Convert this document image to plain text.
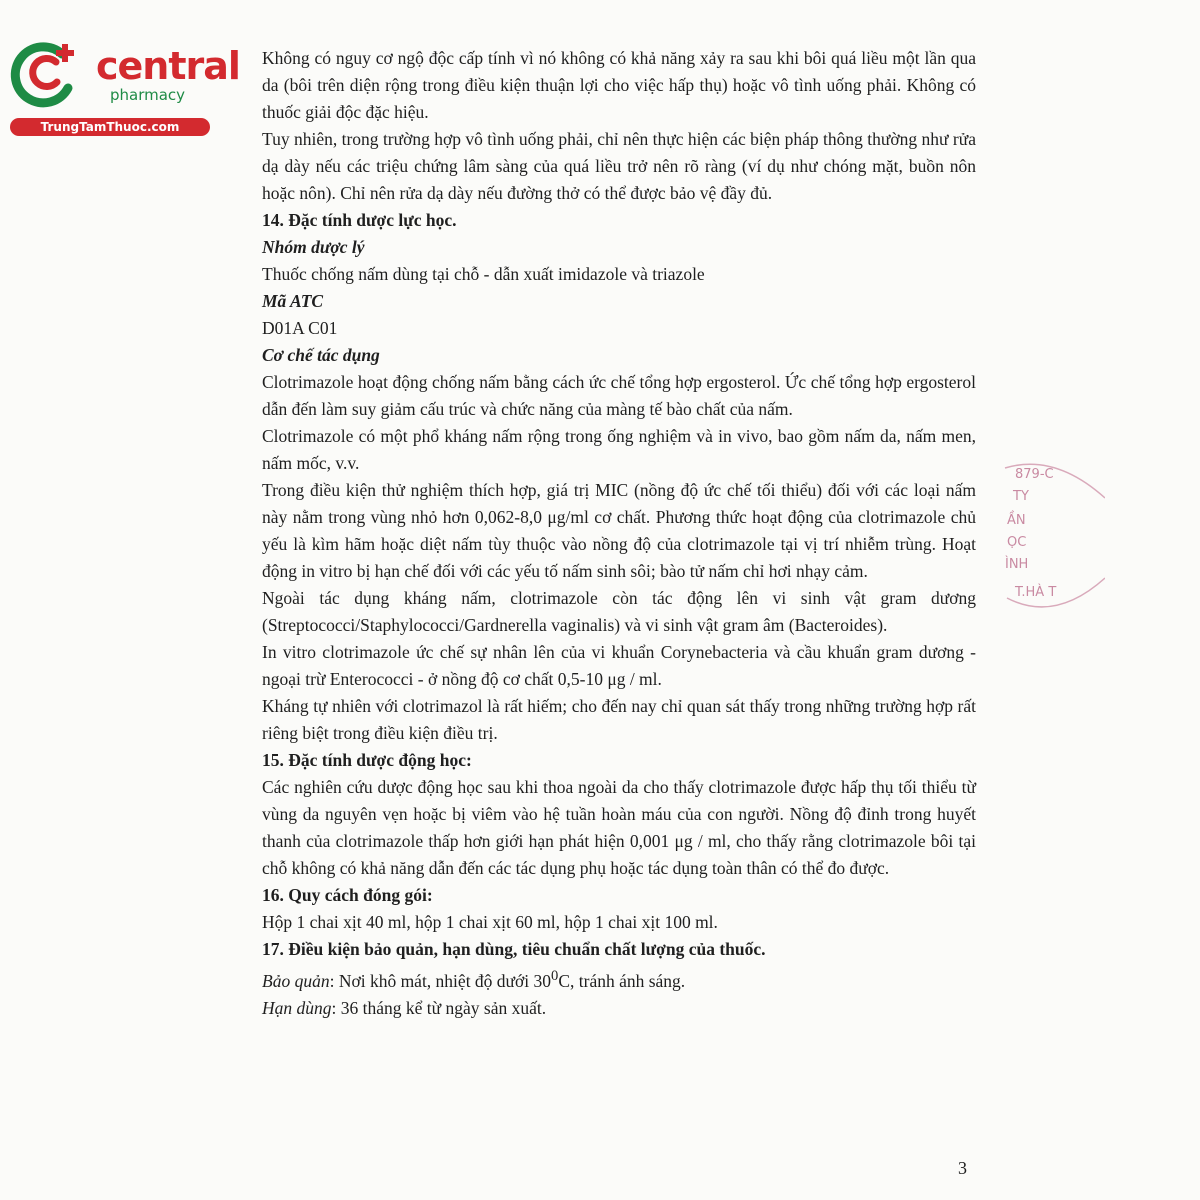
central
pharmacy
TrungTamThuoc.com

Không có nguy cơ ngộ độc cấp tính vì nó không có khả năng xảy ra sau khi bôi quá liều một lần qua da (bôi trên diện rộng trong điều kiện thuận lợi cho việc hấp thụ) hoặc vô tình uống phải. Không có thuốc giải độc đặc hiệu.

Tuy nhiên, trong trường hợp vô tình uống phải, chỉ nên thực hiện các biện pháp thông thường như rửa dạ dày nếu các triệu chứng lâm sàng của quá liều trở nên rõ ràng (ví dụ như chóng mặt, buồn nôn hoặc nôn). Chỉ nên rửa dạ dày nếu đường thở có thể được bảo vệ đầy đủ.

14. Đặc tính dược lực học.

Nhóm dược lý

Thuốc chống nấm dùng tại chỗ - dẫn xuất imidazole và triazole

Mã ATC

D01A C01

Cơ chế tác dụng

Clotrimazole hoạt động chống nấm bằng cách ức chế tổng hợp ergosterol. Ức chế tổng hợp ergosterol dẫn đến làm suy giảm cấu trúc và chức năng của màng tế bào chất của nấm.

Clotrimazole có một phổ kháng nấm rộng trong ống nghiệm và in vivo, bao gồm nấm da, nấm men, nấm mốc, v.v.

Trong điều kiện thử nghiệm thích hợp, giá trị MIC (nồng độ ức chế tối thiểu) đối với các loại nấm này nằm trong vùng nhỏ hơn 0,062-8,0 μg/ml cơ chất. Phương thức hoạt động của clotrimazole chủ yếu là kìm hãm hoặc diệt nấm tùy thuộc vào nồng độ của clotrimazole tại vị trí nhiễm trùng. Hoạt động in vitro bị hạn chế đối với các yếu tố nấm sinh sôi; bào tử nấm chỉ hơi nhạy cảm.

Ngoài tác dụng kháng nấm, clotrimazole còn tác động lên vi sinh vật gram dương (Streptococci/Staphylococci/Gardnerella vaginalis) và vi sinh vật gram âm (Bacteroides).

In vitro clotrimazole ức chế sự nhân lên của vi khuẩn Corynebacteria và cầu khuẩn gram dương - ngoại trừ Enterococci - ở nồng độ cơ chất 0,5-10 μg / ml.

Kháng tự nhiên với clotrimazol là rất hiếm; cho đến nay chỉ quan sát thấy trong những trường hợp rất riêng biệt trong điều kiện điều trị.

15. Đặc tính dược động học:

Các nghiên cứu dược động học sau khi thoa ngoài da cho thấy clotrimazole được hấp thụ tối thiểu từ vùng da nguyên vẹn hoặc bị viêm vào hệ tuần hoàn máu của con người. Nồng độ đỉnh trong huyết thanh của clotrimazole thấp hơn giới hạn phát hiện 0,001 μg / ml, cho thấy rằng clotrimazole bôi tại chỗ không có khả năng dẫn đến các tác dụng phụ hoặc tác dụng toàn thân có thể đo được.

16. Quy cách đóng gói:

Hộp 1 chai xịt 40 ml, hộp 1 chai xịt 60 ml, hộp 1 chai xịt 100 ml.

17. Điều kiện bảo quản, hạn dùng, tiêu chuẩn chất lượng của thuốc.

Bảo quản: Nơi khô mát, nhiệt độ dưới $30^0C$, tránh ánh sáng.

Hạn dùng: 36 tháng kể từ ngày sản xuất.

879-C
TY
ẦN
ỌC
ÌNH
T.HÀ T
3
